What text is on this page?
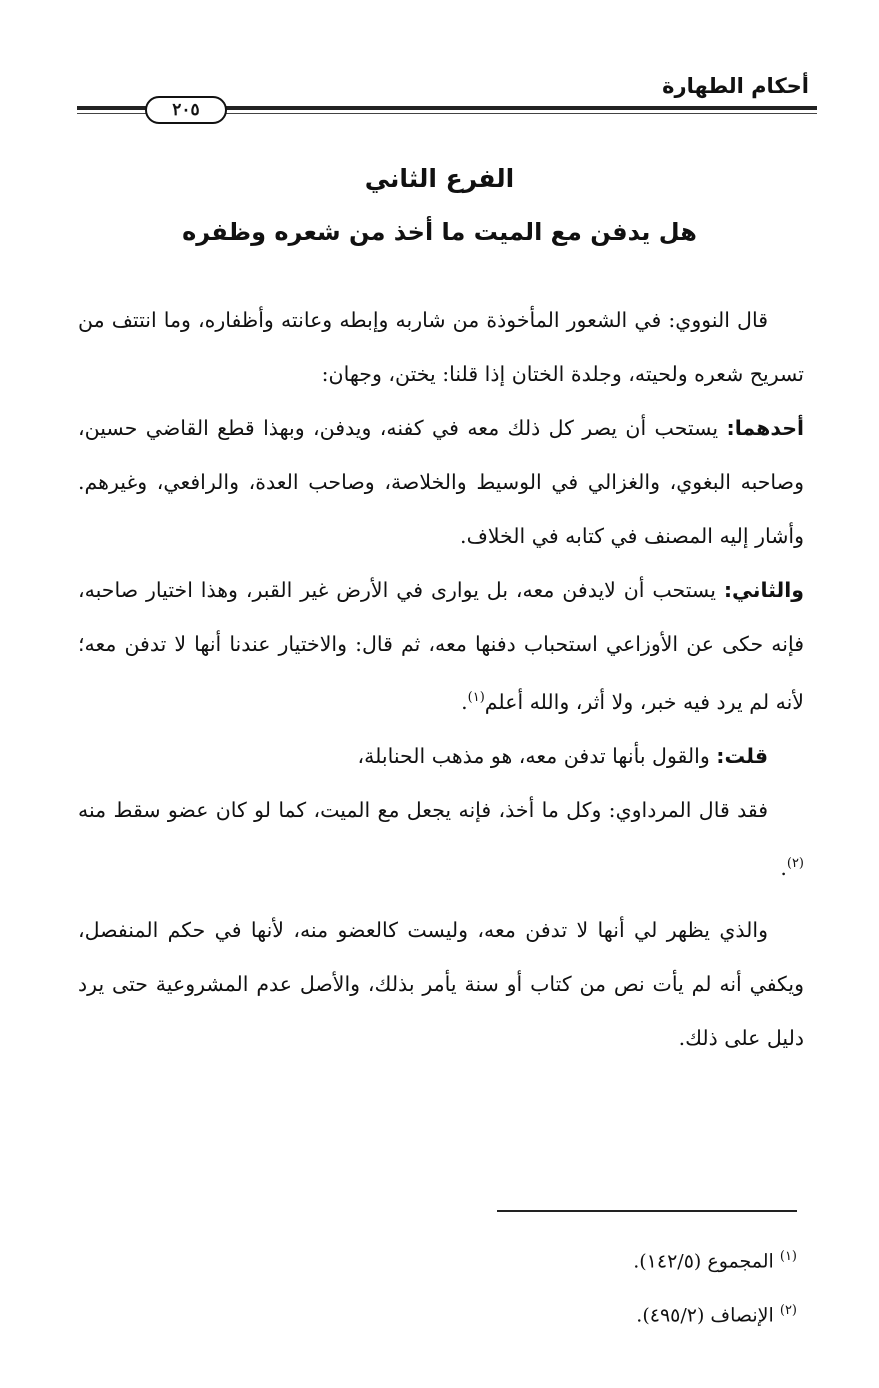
أحكام الطهارة
٢٠٥
الفرع الثاني
هل يدفن مع الميت ما أخذ من شعره وظفره

قال النووي: في الشعور المأخوذة من شاربه وإبطه وعانته وأظفاره، وما انتتف من تسريح شعره ولحيته، وجلدة الختان إذا قلنا: يختن، وجهان:

أحدهما: يستحب أن يصر كل ذلك معه في كفنه، ويدفن، وبهذا قطع القاضي حسين، وصاحبه البغوي، والغزالي في الوسيط والخلاصة، وصاحب العدة، والرافعي، وغيرهم. وأشار إليه المصنف في كتابه في الخلاف.

والثاني: يستحب أن لايدفن معه، بل يوارى في الأرض غير القبر، وهذا اختيار صاحبه، فإنه حكى عن الأوزاعي استحباب دفنها معه، ثم قال: والاختيار عندنا أنها لا تدفن معه؛ لأنه لم يرد فيه خبر، ولا أثر، والله أعلم$^{(١)}$.

قلت: والقول بأنها تدفن معه، هو مذهب الحنابلة،

فقد قال المرداوي: وكل ما أخذ، فإنه يجعل مع الميت، كما لو كان عضو سقط منه $^{(٢)}$.

والذي يظهر لي أنها لا تدفن معه، وليست كالعضو منه، لأنها في حكم المنفصل، ويكفي أنه لم يأت نص من كتاب أو سنة يأمر بذلك، والأصل عدم المشروعية حتى يرد دليل على ذلك.

$^{(١)}$ المجموع (١٤٢/٥).

$^{(٢)}$ الإنصاف (٤٩٥/٢).
